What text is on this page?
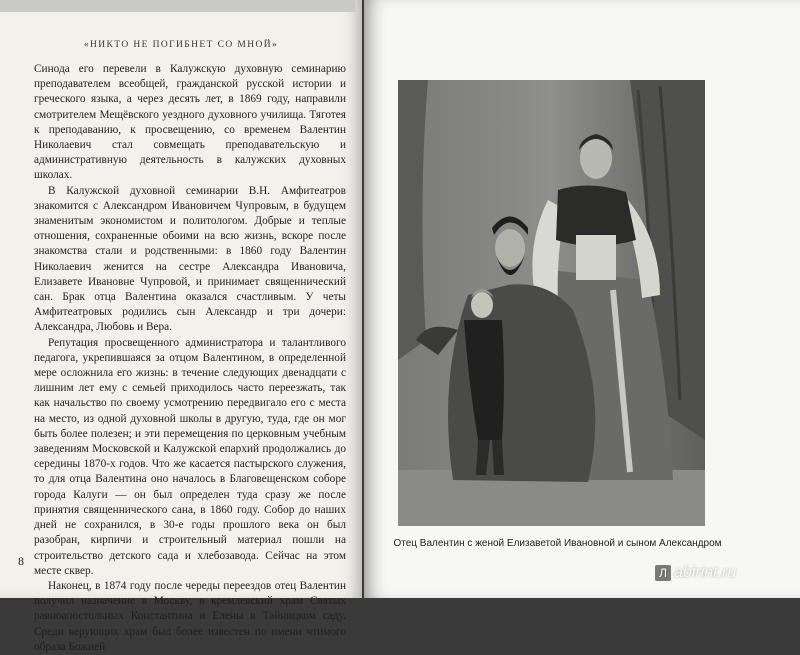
«НИКТО НЕ ПОГИБНЕТ СО МНОЙ»

Синода его перевели в Калужскую духовную семинарию преподавателем всеобщей, гражданской русской истории и греческого языка, а через десять лет, в 1869 году, направили смотрителем Мещёвского уездного духовного училища. Тяготея к преподаванию, к просвещению, со временем Валентин Николаевич стал совмещать преподавательскую и административную деятельность в калужских духовных школах.

В Калужской духовной семинарии В.Н. Амфитеатров знакомится с Александром Ивановичем Чупровым, в будущем знаменитым экономистом и политологом. Добрые и теплые отношения, сохраненные обоими на всю жизнь, вскоре после знакомства стали и родственными: в 1860 году Валентин Николаевич женится на сестре Александра Ивановича, Елизавете Ивановне Чупровой, и принимает священнический сан. Брак отца Валентина оказался счастливым. У четы Амфитеатровых родились сын Александр и три дочери: Александра, Любовь и Вера.

Репутация просвещенного администратора и талантливого педагога, укрепившаяся за отцом Валентином, в определенной мере осложнила его жизнь: в течение следующих двенадцати с лишним лет ему с семьей приходилось часто переезжать, так как начальство по своему усмотрению передвигало его с места на место, из одной духовной школы в другую, туда, где он мог быть более полезен; и эти перемещения по церковным учебным заведениям Московской и Калужской епархий продолжались до середины 1870-х годов. Что же касается пастырского служения, то для отца Валентина оно началось в Благовещенском соборе города Калуги — он был определен туда сразу же после принятия священнического сана, в 1860 году. Собор до наших дней не сохранился, в 30-е годы прошлого века он был разобран, кирпичи и строительный материал пошли на строительство детского сада и хлебозавода. Сейчас на этом месте сквер.

Наконец, в 1874 году после череды переездов отец Валентин получил назначение в Москву, в кремлевский храм Святых равноапостольных Константина и Елены в Тайницком саду. Среди верующих храм был более известен по имени чтимого образа Божией

8
Отец Валентин с женой Елизаветой Ивановной и сыном Александром
Л abirint.ru
